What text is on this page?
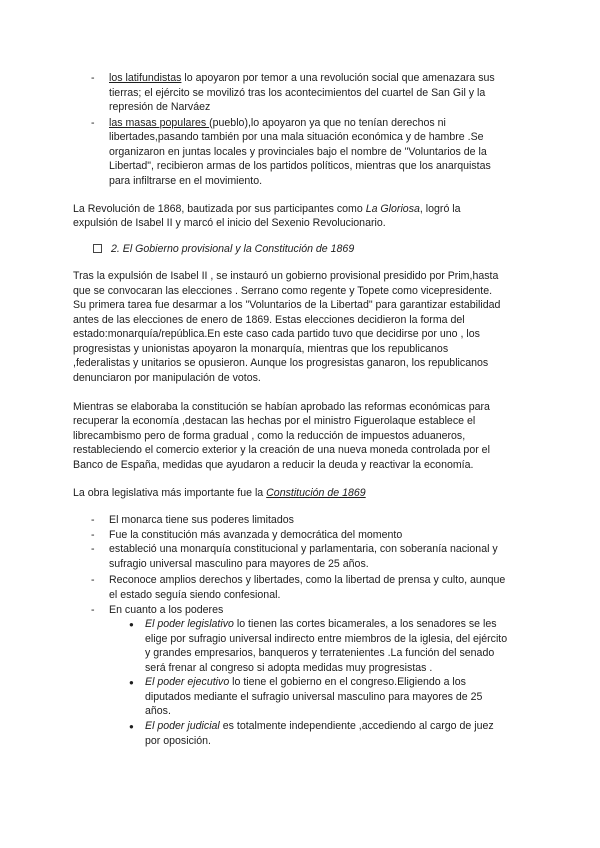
- los latifundistas lo apoyaron por temor a una revolución social que amenazara sus
tierras; el ejército se movilizó tras los acontecimientos del cuartel de San Gil y la
represión de Narváez
- las masas populares (pueblo),lo apoyaron ya que no tenían derechos ni
libertades,pasando también por una mala situación económica y de hambre .Se
organizaron en juntas locales y provinciales bajo el nombre de "Voluntarios de la
Libertad", recibieron armas de los partidos políticos, mientras que los anarquistas
para infiltrarse en el movimiento.
La Revolución de 1868, bautizada por sus participantes como La Gloriosa, logró la
expulsión de Isabel II y marcó el inicio del Sexenio Revolucionario.
2. El Gobierno provisional y la Constitución de 1869
Tras la expulsión de Isabel II , se instauró un gobierno provisional presidido por Prim,hasta
que se convocaran las elecciones . Serrano como regente y Topete como vicepresidente.
Su primera tarea fue desarmar a los "Voluntarios de la Libertad" para garantizar estabilidad
antes de las elecciones de enero de 1869. Estas elecciones decidieron la forma del
estado:monarquía/república.En este caso cada partido tuvo que decidirse por uno , los
progresistas y unionistas apoyaron la monarquía, mientras que los republicanos
,federalistas y unitarios se opusieron. Aunque los progresistas ganaron, los republicanos
denunciaron por manipulación de votos.
Mientras se elaboraba la constitución se habían aprobado las reformas económicas para
recuperar la economía ,destacan las hechas por el ministro Figuerolaque establece el
librecambismo pero de forma gradual , como la reducción de impuestos aduaneros,
restableciendo el comercio exterior y la creación de una nueva moneda controlada por el
Banco de España, medidas que ayudaron a reducir la deuda y reactivar la economía.
La obra legislativa más importante fue la Constitución de 1869
- El monarca tiene sus poderes limitados
- Fue la constitución más avanzada y democrática del momento
- estableció una monarquía constitucional y parlamentaria, con soberanía nacional y
sufragio universal masculino para mayores de 25 años.
- Reconoce amplios derechos y libertades, como la libertad de prensa y culto, aunque
el estado seguía siendo confesional.
- En cuanto a los poderes
● El poder legislativo lo tienen las cortes bicamerales, a los senadores se les
elige por sufragio universal indirecto entre miembros de la iglesia, del ejército
y grandes empresarios, banqueros y terratenientes .La función del senado
será frenar al congreso si adopta medidas muy progresistas .
● El poder ejecutivo lo tiene el gobierno en el congreso.Eligiendo a los
diputados mediante el sufragio universal masculino para mayores de 25
años.
● El poder judicial es totalmente independiente ,accediendo al cargo de juez
por oposición.
